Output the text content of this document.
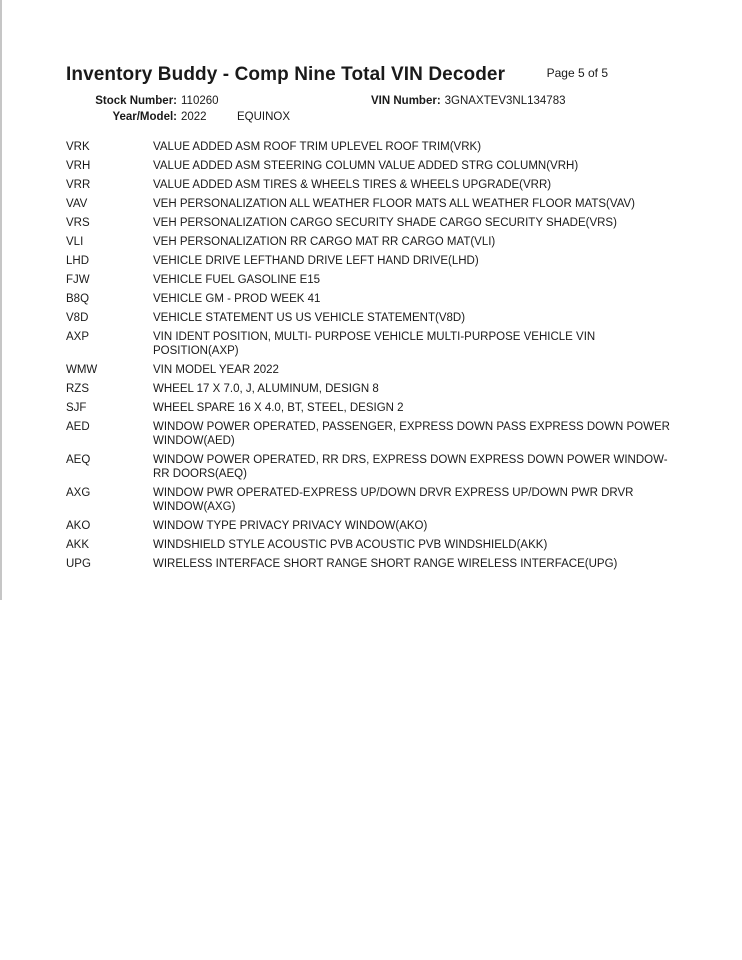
Inventory Buddy - Comp Nine Total VIN Decoder	Page 5 of 5
Stock Number: 110260	VIN Number: 3GNAXTEV3NL134783
Year/Model: 2022	EQUINOX
VRK	VALUE ADDED ASM ROOF TRIM UPLEVEL ROOF TRIM(VRK)
VRH	VALUE ADDED ASM STEERING COLUMN VALUE ADDED STRG COLUMN(VRH)
VRR	VALUE ADDED ASM TIRES & WHEELS TIRES & WHEELS UPGRADE(VRR)
VAV	VEH PERSONALIZATION ALL WEATHER FLOOR MATS ALL WEATHER FLOOR MATS(VAV)
VRS	VEH PERSONALIZATION CARGO SECURITY SHADE CARGO SECURITY SHADE(VRS)
VLI	VEH PERSONALIZATION RR CARGO MAT RR CARGO MAT(VLI)
LHD	VEHICLE DRIVE LEFTHAND DRIVE LEFT HAND DRIVE(LHD)
FJW	VEHICLE FUEL GASOLINE E15
B8Q	VEHICLE GM - PROD WEEK 41
V8D	VEHICLE STATEMENT US US VEHICLE STATEMENT(V8D)
AXP	VIN IDENT POSITION, MULTI- PURPOSE VEHICLE MULTI-PURPOSE VEHICLE VIN POSITION(AXP)
WMW	VIN MODEL YEAR 2022
RZS	WHEEL 17 X 7.0, J, ALUMINUM, DESIGN 8
SJF	WHEEL SPARE 16 X 4.0, BT, STEEL, DESIGN 2
AED	WINDOW POWER OPERATED, PASSENGER, EXPRESS DOWN PASS EXPRESS DOWN POWER WINDOW(AED)
AEQ	WINDOW POWER OPERATED, RR DRS, EXPRESS DOWN EXPRESS DOWN POWER WINDOW-RR DOORS(AEQ)
AXG	WINDOW PWR OPERATED-EXPRESS UP/DOWN DRVR EXPRESS UP/DOWN PWR DRVR WINDOW(AXG)
AKO	WINDOW TYPE PRIVACY PRIVACY WINDOW(AKO)
AKK	WINDSHIELD STYLE ACOUSTIC PVB ACOUSTIC PVB WINDSHIELD(AKK)
UPG	WIRELESS INTERFACE SHORT RANGE SHORT RANGE WIRELESS INTERFACE(UPG)
